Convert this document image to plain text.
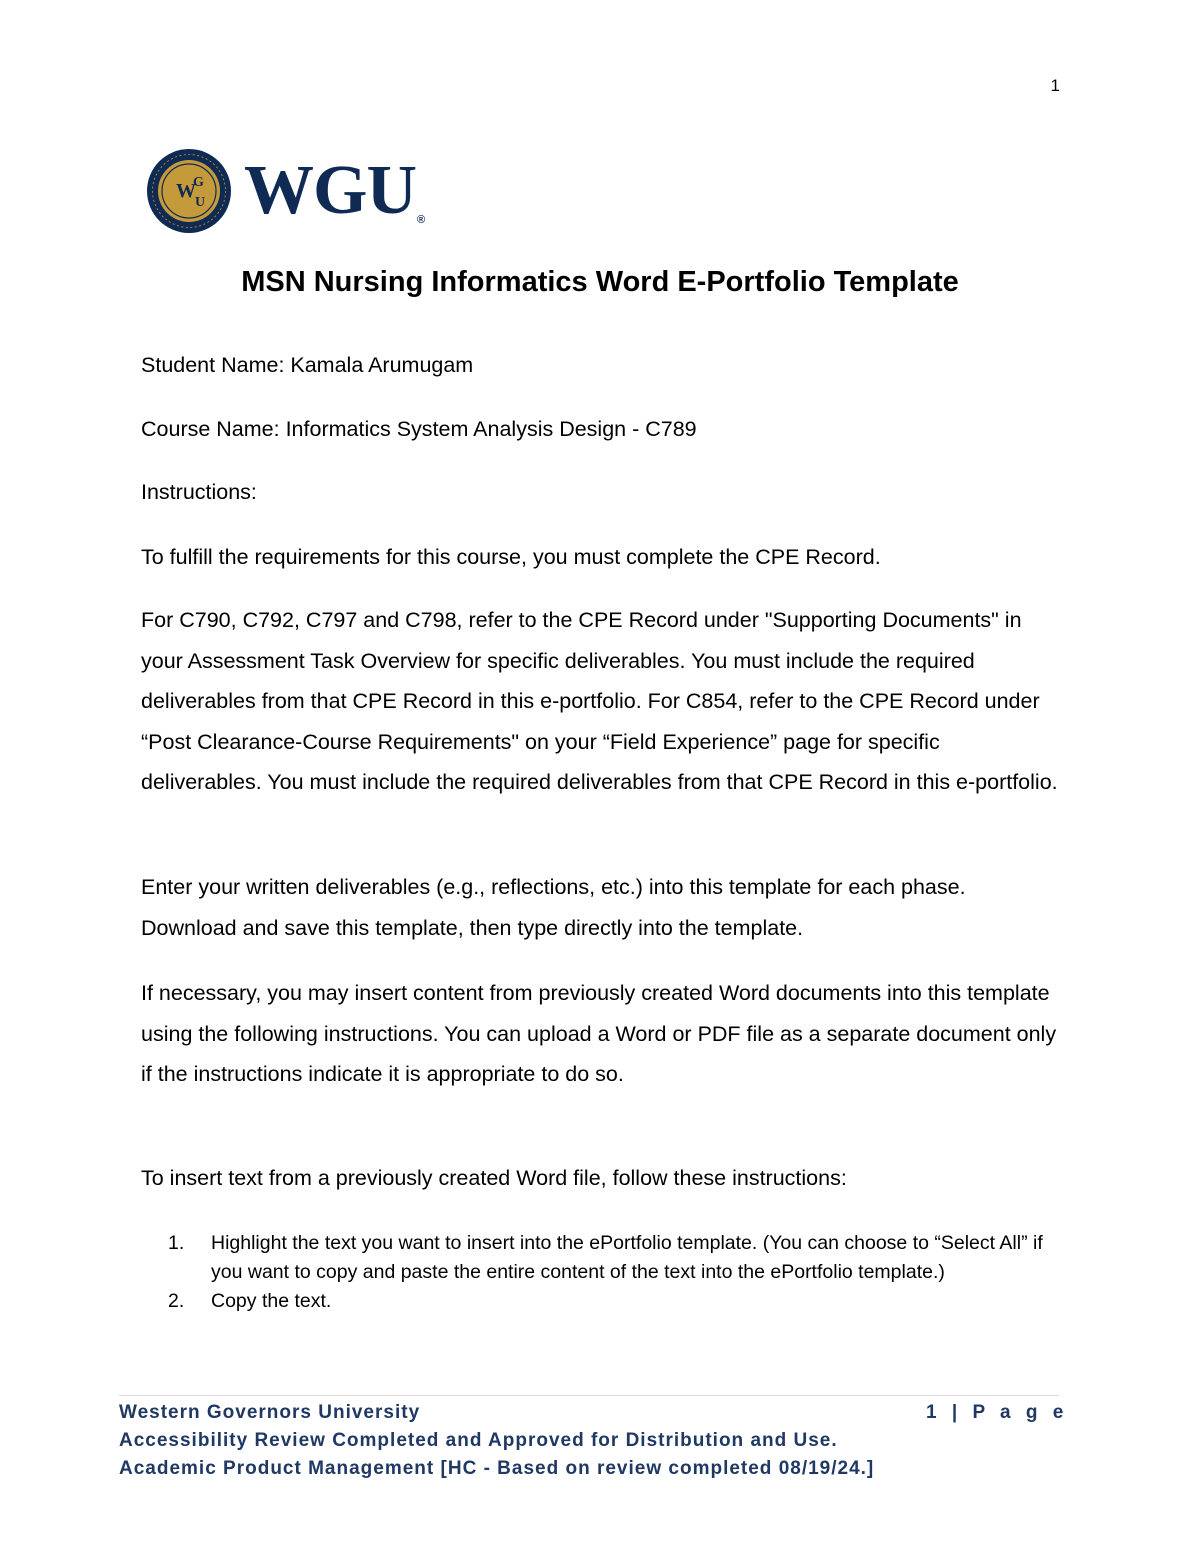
1
W
G
U WGU®
MSN Nursing Informatics Word E-Portfolio Template
Student Name: Kamala Arumugam
Course Name: Informatics System Analysis Design - C789
Instructions:
To fulfill the requirements for this course, you must complete the CPE Record.
For C790, C792, C797 and C798, refer to the CPE Record under "Supporting Documents" in your Assessment Task Overview for specific deliverables. You must include the required deliverables from that CPE Record in this e-portfolio. For C854, refer to the CPE Record under “Post Clearance-Course Requirements" on your “Field Experience” page for specific deliverables. You must include the required deliverables from that CPE Record in this e-portfolio.
Enter your written deliverables (e.g., reflections, etc.) into this template for each phase. Download and save this template, then type directly into the template.
If necessary, you may insert content from previously created Word documents into this template using the following instructions. You can upload a Word or PDF file as a separate document only if the instructions indicate it is appropriate to do so.
To insert text from a previously created Word file, follow these instructions:
1.	Highlight the text you want to insert into the ePortfolio template. (You can choose to “Select All” if you want to copy and paste the entire content of the text into the ePortfolio template.)
2.	Copy the text.
Western Governors University	1 | P a g e
Accessibility Review Completed and Approved for Distribution and Use.
Academic Product Management [HC - Based on review completed 08/19/24.]
